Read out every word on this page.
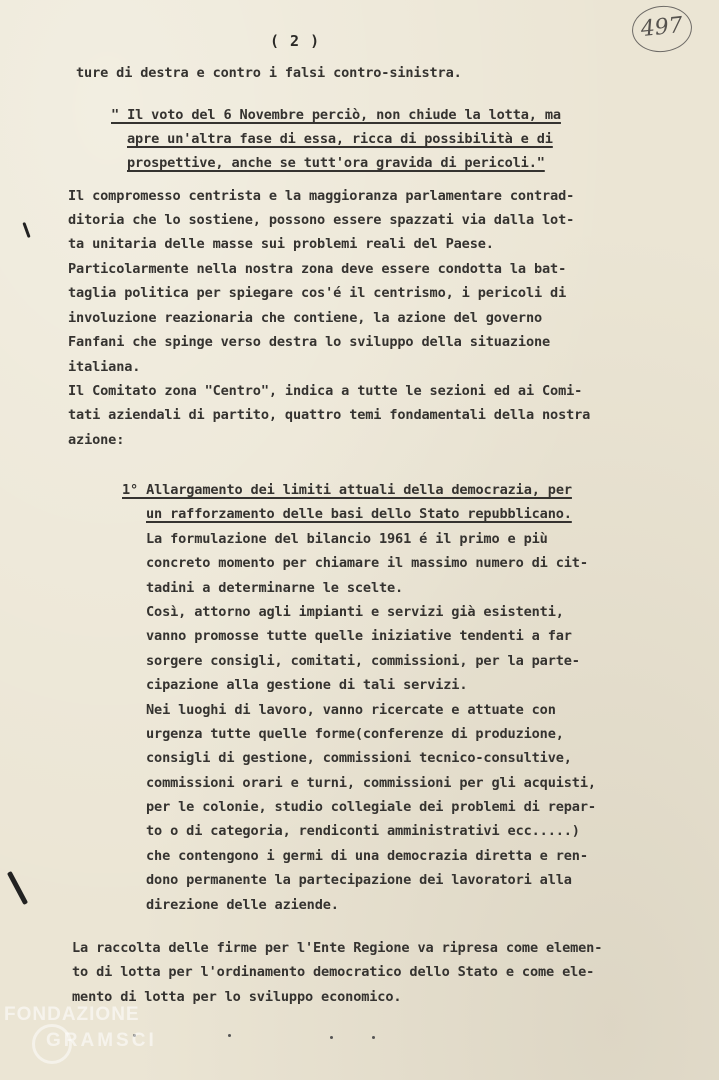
( 2 )	497
ture di destra e contro i falsi contro-sinistra.
" Il voto del 6 Novembre perciò, non chiude la lotta, ma
apre un'altra fase di essa, ricca di possibilità e di
prospettive, anche se tutt'ora gravida di pericoli."
Il compromesso centrista e la maggioranza parlamentare contrad-
ditoria che lo sostiene, possono essere spazzati via dalla lot-
ta unitaria delle masse sui problemi reali del Paese.
Particolarmente nella nostra zona deve essere condotta la bat-
taglia politica per spiegare cos'é il centrismo, i pericoli di
involuzione reazionaria che contiene, la azione del governo
Fanfani che spinge verso destra lo sviluppo della situazione
italiana.
Il Comitato zona "Centro", indica a tutte le sezioni ed ai Comi-
tati aziendali di partito, quattro temi fondamentali della nostra
azione:
1° Allargamento dei limiti attuali della democrazia, per
un rafforzamento delle basi dello Stato repubblicano.
La formulazione del bilancio 1961 é il primo e più
concreto momento per chiamare il massimo numero di cit-
tadini a determinarne le scelte.
Così, attorno agli impianti e servizi già esistenti,
vanno promosse tutte quelle iniziative tendenti a far
sorgere consigli, comitati, commissioni, per la parte-
cipazione alla gestione di tali servizi.
Nei luoghi di lavoro, vanno ricercate e attuate con
urgenza tutte quelle forme(conferenze di produzione,
consigli di gestione, commissioni tecnico-consultive,
commissioni orari e turni, commissioni per gli acquisti,
per le colonie, studio collegiale dei problemi di repar-
to o di categoria, rendiconti amministrativi ecc.....)
che contengono i germi di una democrazia diretta e ren-
dono permanente la partecipazione dei lavoratori alla
direzione delle aziende.
La raccolta delle firme per l'Ente Regione va ripresa come elemen-
to di lotta per l'ordinamento democratico dello Stato e come ele-
mento di lotta per lo sviluppo economico.
FONDAZIONE
GRAMSCI
